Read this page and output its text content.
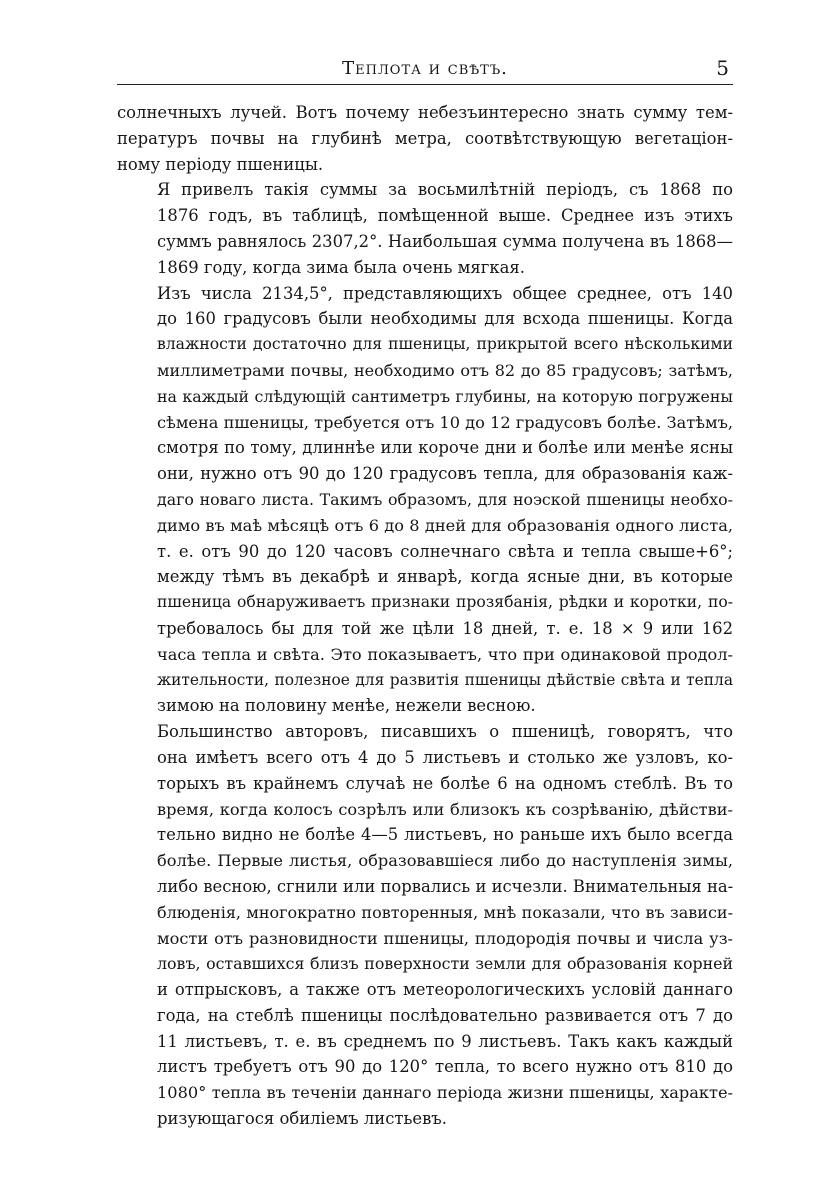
Теплота и свѣтъ.	5

солнечныхъ лучей. Вотъ почему небезъинтересно знать сумму тем-
пературъ почвы на глубинѣ метра, соотвѣтствующую вегетаціон-
ному періоду пшеницы.

Я привелъ такія суммы за восьмилѣтній періодъ, съ 1868 по
1876 годъ, въ таблицѣ, помѣщенной выше. Среднее изъ этихъ
суммъ равнялось 2307,2°. Наибольшая сумма получена въ 1868—
1869 году, когда зима была очень мягкая.

Изъ числа 2134,5°, представляющихъ общее среднее, отъ 140
до 160 градусовъ были необходимы для всхода пшеницы. Когда
влажности достаточно для пшеницы, прикрытой всего нѣсколькими
миллиметрами почвы, необходимо отъ 82 до 85 градусовъ; затѣмъ,
на каждый слѣдующій сантиметръ глубины, на которую погружены
сѣмена пшеницы, требуется отъ 10 до 12 градусовъ болѣе. Затѣмъ,
смотря по тому, длиннѣе или короче дни и болѣе или менѣе ясны
они, нужно отъ 90 до 120 градусовъ тепла, для образованія каж-
даго новаго листа. Такимъ образомъ, для ноэской пшеницы необхо-
димо въ маѣ мѣсяцѣ отъ 6 до 8 дней для образованія одного листа,
т. е. отъ 90 до 120 часовъ солнечнаго свѣта и тепла свыше+6°;
между тѣмъ въ декабрѣ и январѣ, когда ясные дни, въ которые
пшеница обнаруживаетъ признаки прозябанія, рѣдки и коротки, по-
требовалось бы для той же цѣли 18 дней, т. е. 18 × 9 или 162
часа тепла и свѣта. Это показываетъ, что при одинаковой продол-
жительности, полезное для развитія пшеницы дѣйствіе свѣта и тепла
зимою на половину менѣе, нежели весною.

Большинство авторовъ, писавшихъ о пшеницѣ, говорятъ, что
она имѣетъ всего отъ 4 до 5 листьевъ и столько же узловъ, ко-
торыхъ въ крайнемъ случаѣ не болѣе 6 на одномъ стеблѣ. Въ то
время, когда колосъ созрѣлъ или близокъ къ созрѣванію, дѣйстви-
тельно видно не болѣе 4—5 листьевъ, но раньше ихъ было всегда
болѣе. Первые листья, образовавшіеся либо до наступленія зимы,
либо весною, сгнили или порвались и исчезли. Внимательныя на-
блюденія, многократно повторенныя, мнѣ показали, что въ зависи-
мости отъ разновидности пшеницы, плодородія почвы и числа уз-
ловъ, оставшихся близъ поверхности земли для образованія корней
и отпрысковъ, а также отъ метеорологическихъ условій даннаго
года, на стеблѣ пшеницы послѣдовательно развивается отъ 7 до
11 листьевъ, т. е. въ среднемъ по 9 листьевъ. Такъ какъ каждый
листъ требуетъ отъ 90 до 120° тепла, то всего нужно отъ 810 до
1080° тепла въ теченіи даннаго періода жизни пшеницы, характе-
ризующагося обиліемъ листьевъ.
